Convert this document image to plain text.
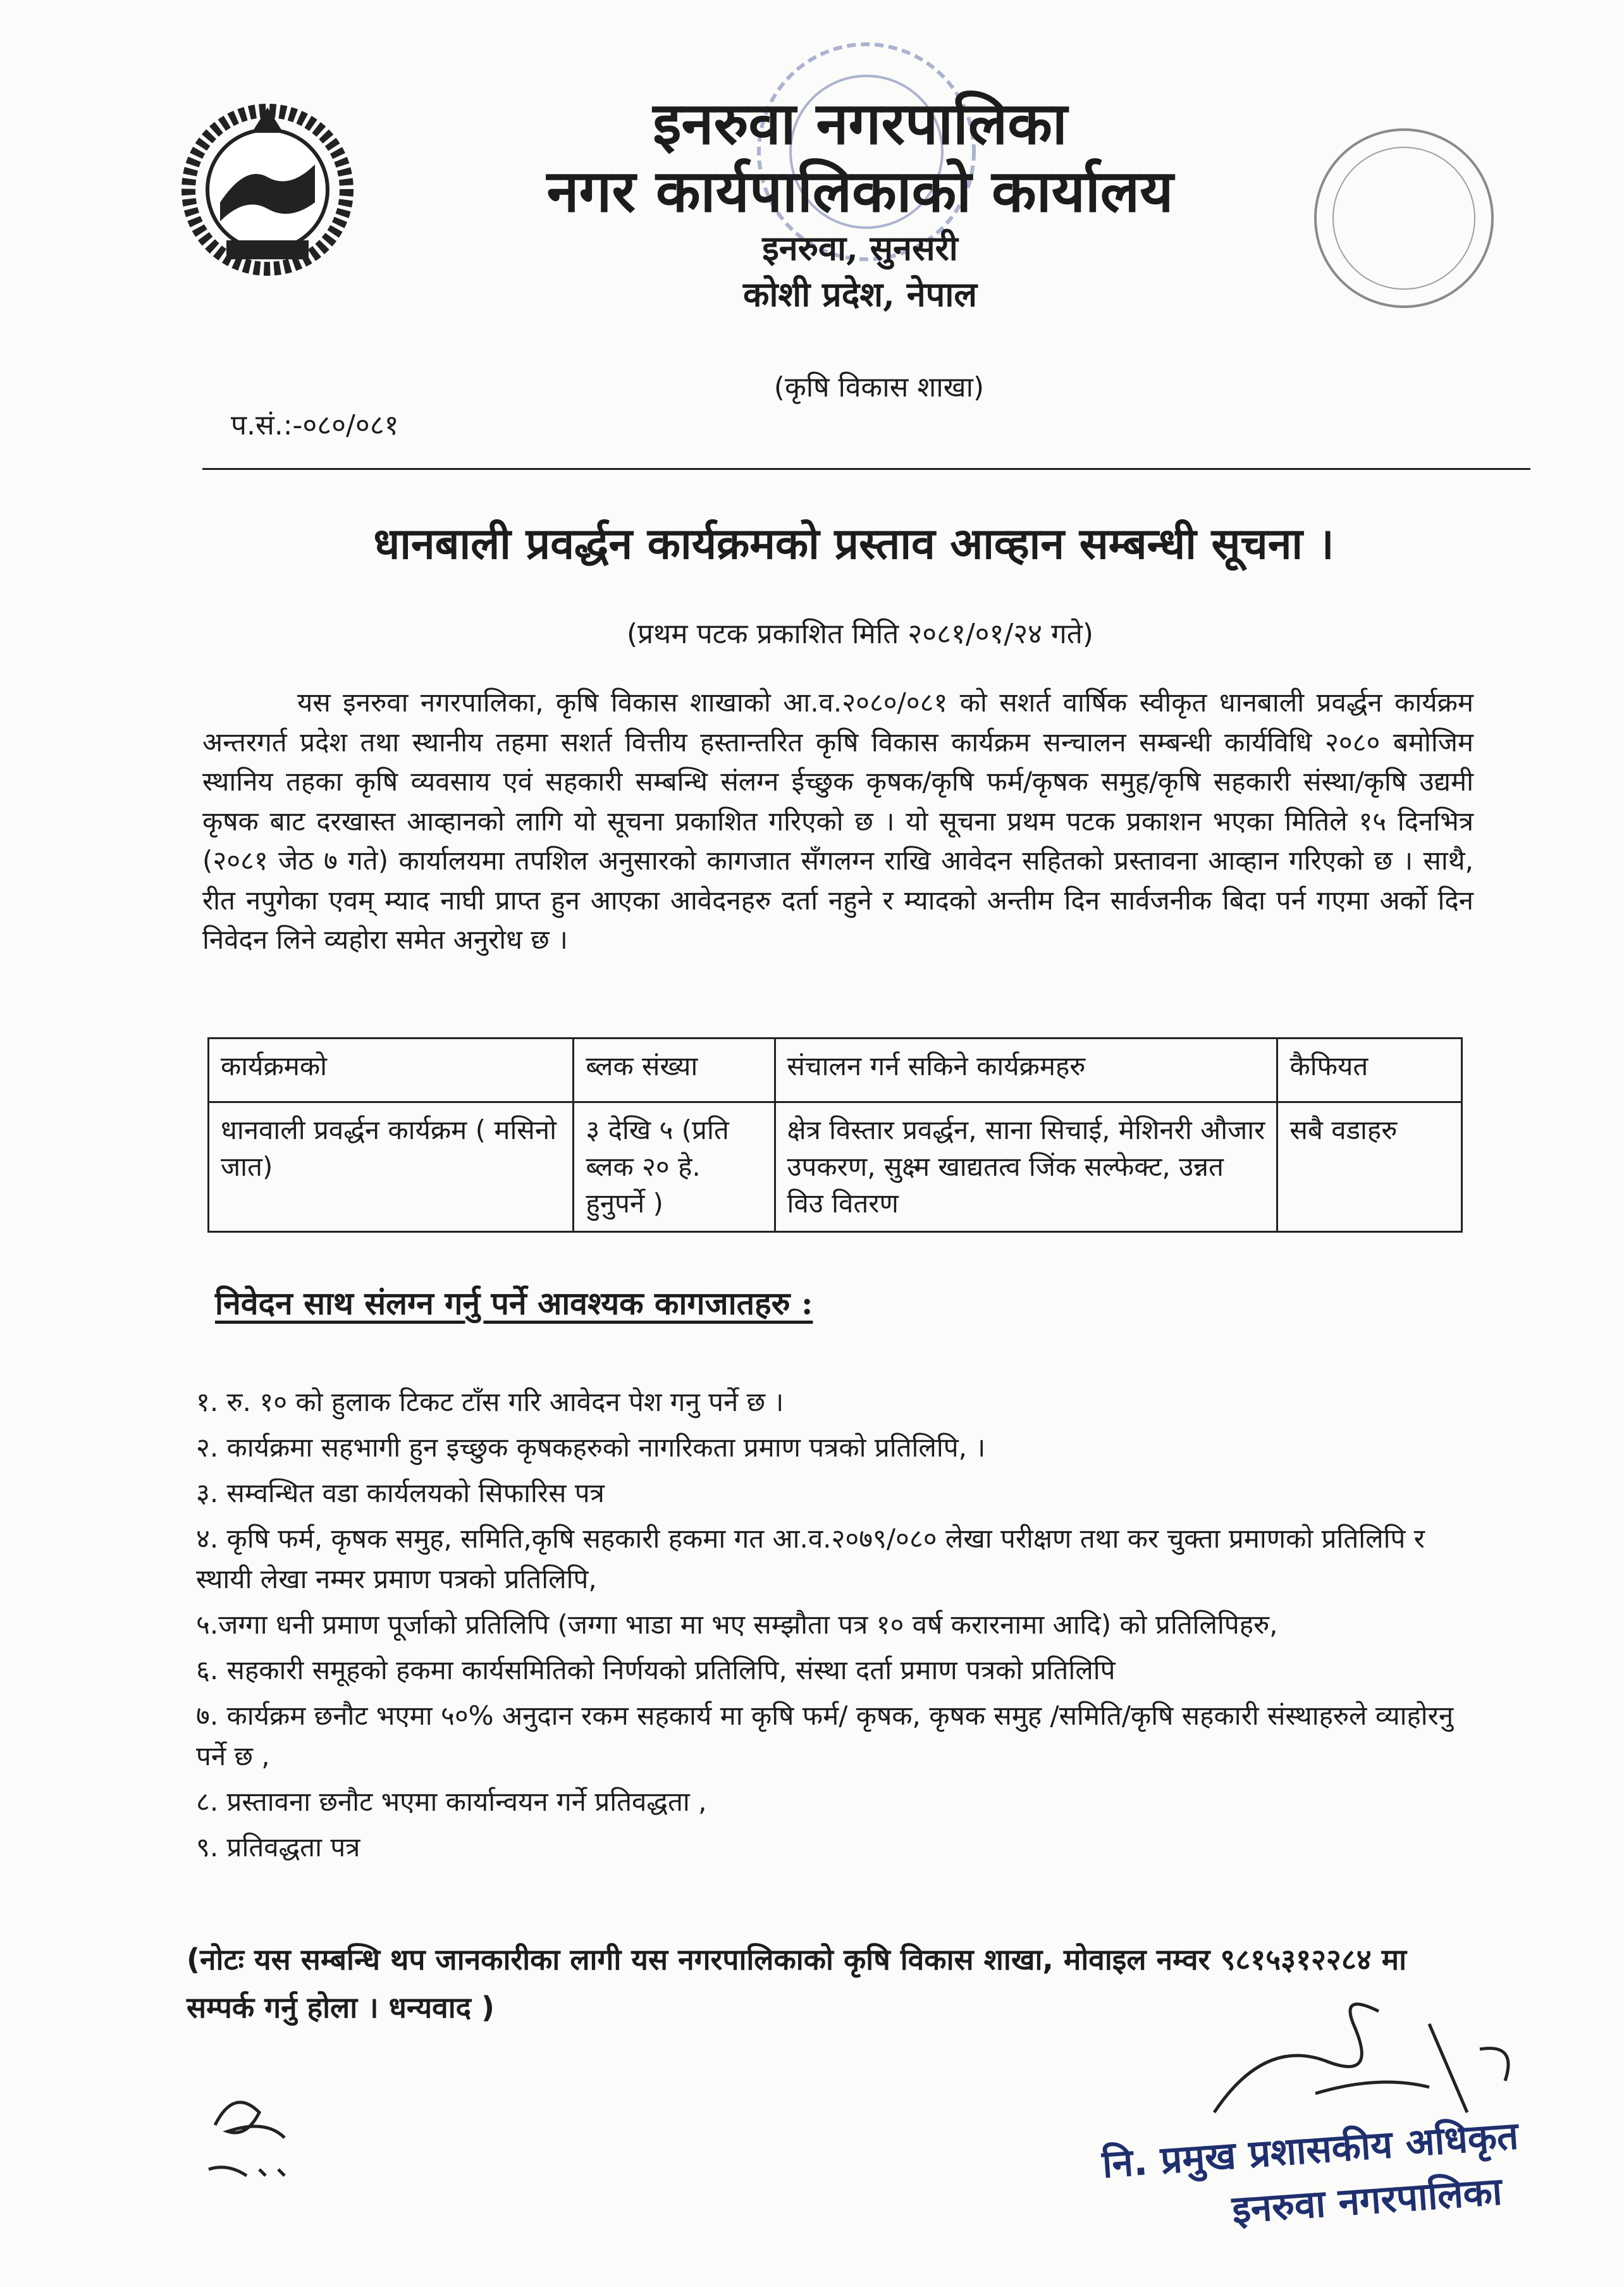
इनरुवा नगरपालिका

नगर कार्यपालिकाको कार्यालय

इनरुवा, सुनसरी

कोशी प्रदेश, नेपाल

(कृषि विकास शाखा)
प.सं.:-०८०/०८१
धानबाली प्रवर्द्धन कार्यक्रमको प्रस्ताव आव्हान सम्बन्धी सूचना ।
(प्रथम पटक प्रकाशित मिति २०८१/०१/२४ गते)

यस इनरुवा नगरपालिका, कृषि विकास शाखाको आ.व.२०८०/०८१ को सशर्त वार्षिक स्वीकृत धानबाली प्रवर्द्धन कार्यक्रम अन्तरगर्त प्रदेश तथा स्थानीय तहमा सशर्त वित्तीय हस्तान्तरित कृषि विकास कार्यक्रम सन्चालन सम्बन्धी कार्यविधि २०८० बमोजिम स्थानिय तहका कृषि व्यवसाय एवं सहकारी सम्बन्धि संलग्न ईच्छुक कृषक/कृषि फर्म/कृषक समुह/कृषि सहकारी संस्था/कृषि उद्यमी कृषक बाट दरखास्त आव्हानको लागि यो सूचना प्रकाशित गरिएको छ । यो सूचना प्रथम पटक प्रकाशन भएका मितिले १५ दिनभित्र (२०८१ जेठ ७ गते) कार्यालयमा तपशिल अनुसारको कागजात सँगलग्न राखि आवेदन सहितको प्रस्तावना आव्हान गरिएको छ । साथै, रीत नपुगेका एवम् म्याद नाघी प्राप्त हुन आएका आवेदनहरु दर्ता नहुने र म्यादको अन्तीम दिन सार्वजनीक बिदा पर्न गएमा अर्को दिन निवेदन लिने व्यहोरा समेत अनुरोध छ ।

कार्यक्रमको	ब्लक संख्या	संचालन गर्न सकिने कार्यक्रमहरु	कैफियत
धानवाली प्रवर्द्धन कार्यक्रम ( मसिनो जात)	३ देखि ५ (प्रति ब्लक २० हे. हुनुपर्ने )	क्षेत्र विस्तार प्रवर्द्धन, साना सिचाई, मेशिनरी औजार उपकरण, सुक्ष्म खाद्यतत्व जिंक सल्फेक्ट, उन्नत विउ वितरण	सबै वडाहरु
निवेदन साथ संलग्न गर्नु पर्ने आवश्यक कागजातहरु :
१. रु. १० को हुलाक टिकट टाँस गरि आवेदन पेश गनु पर्ने छ ।
२. कार्यक्रमा सहभागी हुन इच्छुक कृषकहरुको नागरिकता प्रमाण पत्रको प्रतिलिपि, ।
३. सम्वन्धित वडा कार्यलयको सिफारिस पत्र
४. कृषि फर्म, कृषक समुह, समिति,कृषि सहकारी हकमा गत आ.व.२०७९/०८० लेखा परीक्षण तथा कर चुक्ता प्रमाणको प्रतिलिपि र स्थायी लेखा नम्मर प्रमाण पत्रको प्रतिलिपि,
५.जग्गा धनी प्रमाण पूर्जाको प्रतिलिपि (जग्गा भाडा मा भए सम्झौता पत्र १० वर्ष करारनामा आदि) को प्रतिलिपिहरु,
६. सहकारी समूहको हकमा कार्यसमितिको निर्णयको प्रतिलिपि, संस्था दर्ता प्रमाण पत्रको प्रतिलिपि
७. कार्यक्रम छनौट भएमा ५०% अनुदान रकम सहकार्य मा कृषि फर्म/ कृषक, कृषक समुह /समिति/कृषि सहकारी संस्थाहरुले व्याहोरनु पर्ने छ ,
८. प्रस्तावना छनौट भएमा कार्यान्वयन गर्ने प्रतिवद्धता ,
९. प्रतिवद्धता पत्र
(नोटः यस सम्बन्धि थप जानकारीका लागी यस नगरपालिकाको कृषि विकास शाखा, मोवाइल नम्वर ९८१५३१२२८४ मा सम्पर्क गर्नु होला । धन्यवाद )
नि. प्रमुख प्रशासकीय अधिकृत
इनरुवा नगरपालिका
